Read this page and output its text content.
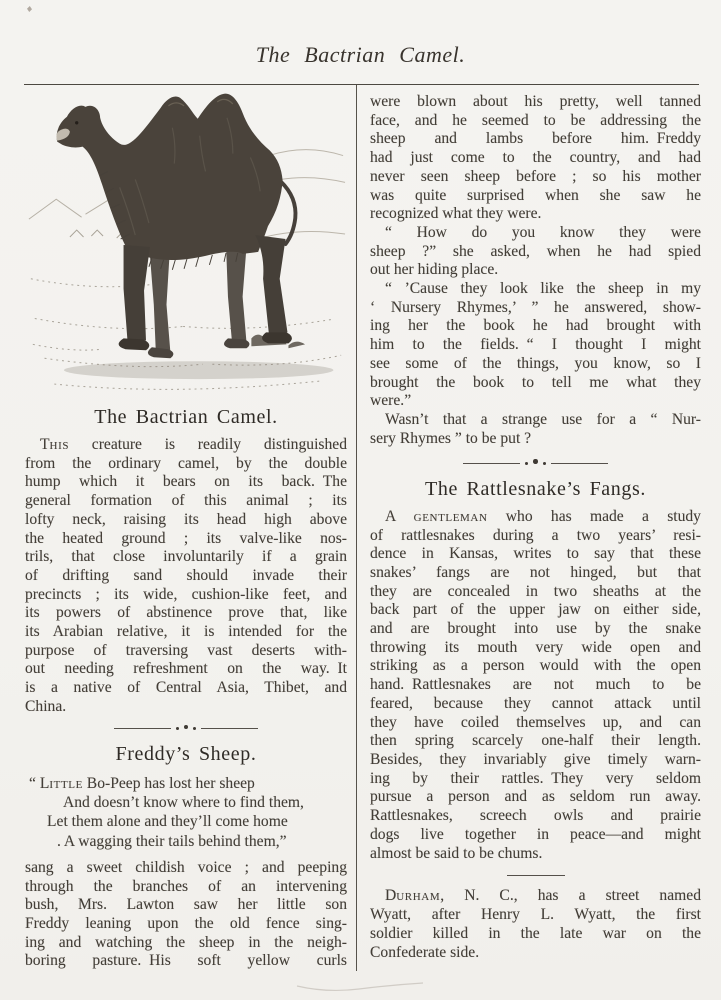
The Bactrian Camel.
The Bactrian Camel.
This creature is readily distinguished
from the ordinary camel, by the double
hump which it bears on its back. The
general formation of this animal ; its
lofty neck, raising its head high above
the heated ground ; its valve-like nos-
trils, that close involuntarily if a grain
of drifting sand should invade their
precincts ; its wide, cushion-like feet, and
its powers of abstinence prove that, like
its Arabian relative, it is intended for the
purpose of traversing vast deserts with-
out needing refreshment on the way. It
is a native of Central Asia, Thibet, and
China.
Freddy’s Sheep.
“ Little Bo-Peep has lost her sheep
And doesn’t know where to find them,
Let them alone and they’ll come home
. A wagging their tails behind them,”
sang a sweet childish voice ; and peeping
through the branches of an intervening
bush, Mrs. Lawton saw her little son
Freddy leaning upon the old fence sing-
ing and watching the sheep in the neigh-
boring pasture. His soft yellow curls
were blown about his pretty, well tanned
face, and he seemed to be addressing the
sheep and lambs before him. Freddy
had just come to the country, and had
never seen sheep before ; so his mother
was quite surprised when she saw he
recognized what they were.
“ How do you know they were
sheep ?” she asked, when he had spied
out her hiding place.
“ ’Cause they look like the sheep in my
‘ Nursery Rhymes,’ ” he answered, show-
ing her the book he had brought with
him to the fields. “ I thought I might
see some of the things, you know, so I
brought the book to tell me what they
were.”
Wasn’t that a strange use for a “ Nur-
sery Rhymes ” to be put ?
The Rattlesnake’s Fangs.
A gentleman who has made a study
of rattlesnakes during a two years’ resi-
dence in Kansas, writes to say that these
snakes’ fangs are not hinged, but that
they are concealed in two sheaths at the
back part of the upper jaw on either side,
and are brought into use by the snake
throwing its mouth very wide open and
striking as a person would with the open
hand. Rattlesnakes are not much to be
feared, because they cannot attack until
they have coiled themselves up, and can
then spring scarcely one-half their length.
Besides, they invariably give timely warn-
ing by their rattles. They very seldom
pursue a person and as seldom run away.
Rattlesnakes, screech owls and prairie
dogs live together in peace—and might
almost be said to be chums.
Durham, N. C., has a street named
Wyatt, after Henry L. Wyatt, the first
soldier killed in the late war on the
Confederate side.
